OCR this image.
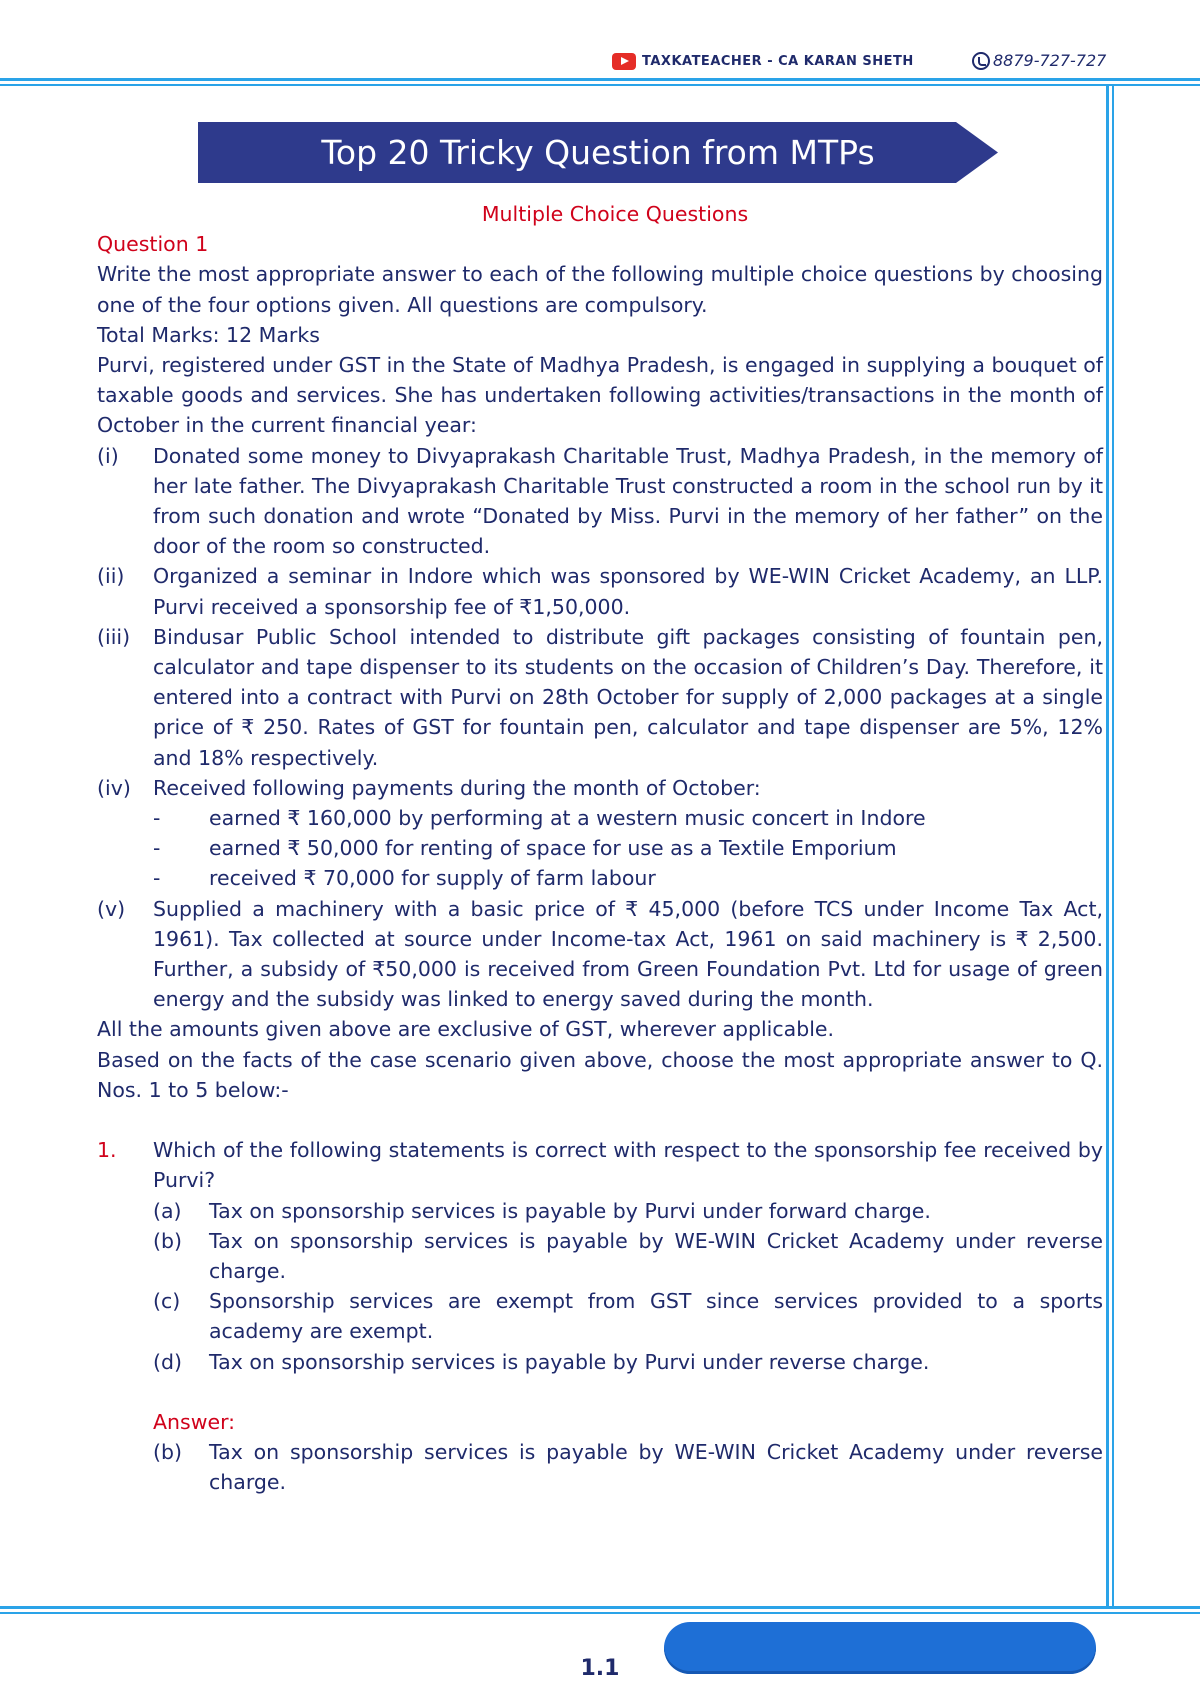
TAXKATEACHER - CA KARAN SHETH	8879-727-727
Top 20 Tricky Question from MTPs
Multiple Choice Questions
Question 1
Write the most appropriate answer to each of the following multiple choice questions by choosing one of the four options given. All questions are compulsory.
Total Marks: 12 Marks
Purvi, registered under GST in the State of Madhya Pradesh, is engaged in supplying a bouquet of taxable goods and services. She has undertaken following activities/transactions in the month of October in the current financial year:
(i)	Donated some money to Divyaprakash Charitable Trust, Madhya Pradesh, in the memory of her late father. The Divyaprakash Charitable Trust constructed a room in the school run by it from such donation and wrote “Donated by Miss. Purvi in the memory of her father” on the door of the room so constructed.
(ii)	Organized a seminar in Indore which was sponsored by WE-WIN Cricket Academy, an LLP. Purvi received a sponsorship fee of ₹1,50,000.
(iii)	Bindusar Public School intended to distribute gift packages consisting of fountain pen, calculator and tape dispenser to its students on the occasion of Children’s Day. Therefore, it entered into a contract with Purvi on 28th October for supply of 2,000 packages at a single price of ₹ 250. Rates of GST for fountain pen, calculator and tape dispenser are 5%, 12% and 18% respectively.
(iv)	Received following payments during the month of October:
-	earned ₹ 160,000 by performing at a western music concert in Indore
-	earned ₹ 50,000 for renting of space for use as a Textile Emporium
-	received ₹ 70,000 for supply of farm labour
(v)	Supplied a machinery with a basic price of ₹ 45,000 (before TCS under Income Tax Act, 1961). Tax collected at source under Income-tax Act, 1961 on said machinery is ₹ 2,500. Further, a subsidy of ₹50,000 is received from Green Foundation Pvt. Ltd for usage of green energy and the subsidy was linked to energy saved during the month.
All the amounts given above are exclusive of GST, wherever applicable.
Based on the facts of the case scenario given above, choose the most appropriate answer to Q. Nos. 1 to 5 below:-
1.	Which of the following statements is correct with respect to the sponsorship fee received by Purvi?
(a)	Tax on sponsorship services is payable by Purvi under forward charge.
(b)	Tax on sponsorship services is payable by WE-WIN Cricket Academy under reverse charge.
(c)	Sponsorship services are exempt from GST since services provided to a sports academy are exempt.
(d)	Tax on sponsorship services is payable by Purvi under reverse charge.
Answer:
(b)	Tax on sponsorship services is payable by WE-WIN Cricket Academy under reverse charge.
1.1
